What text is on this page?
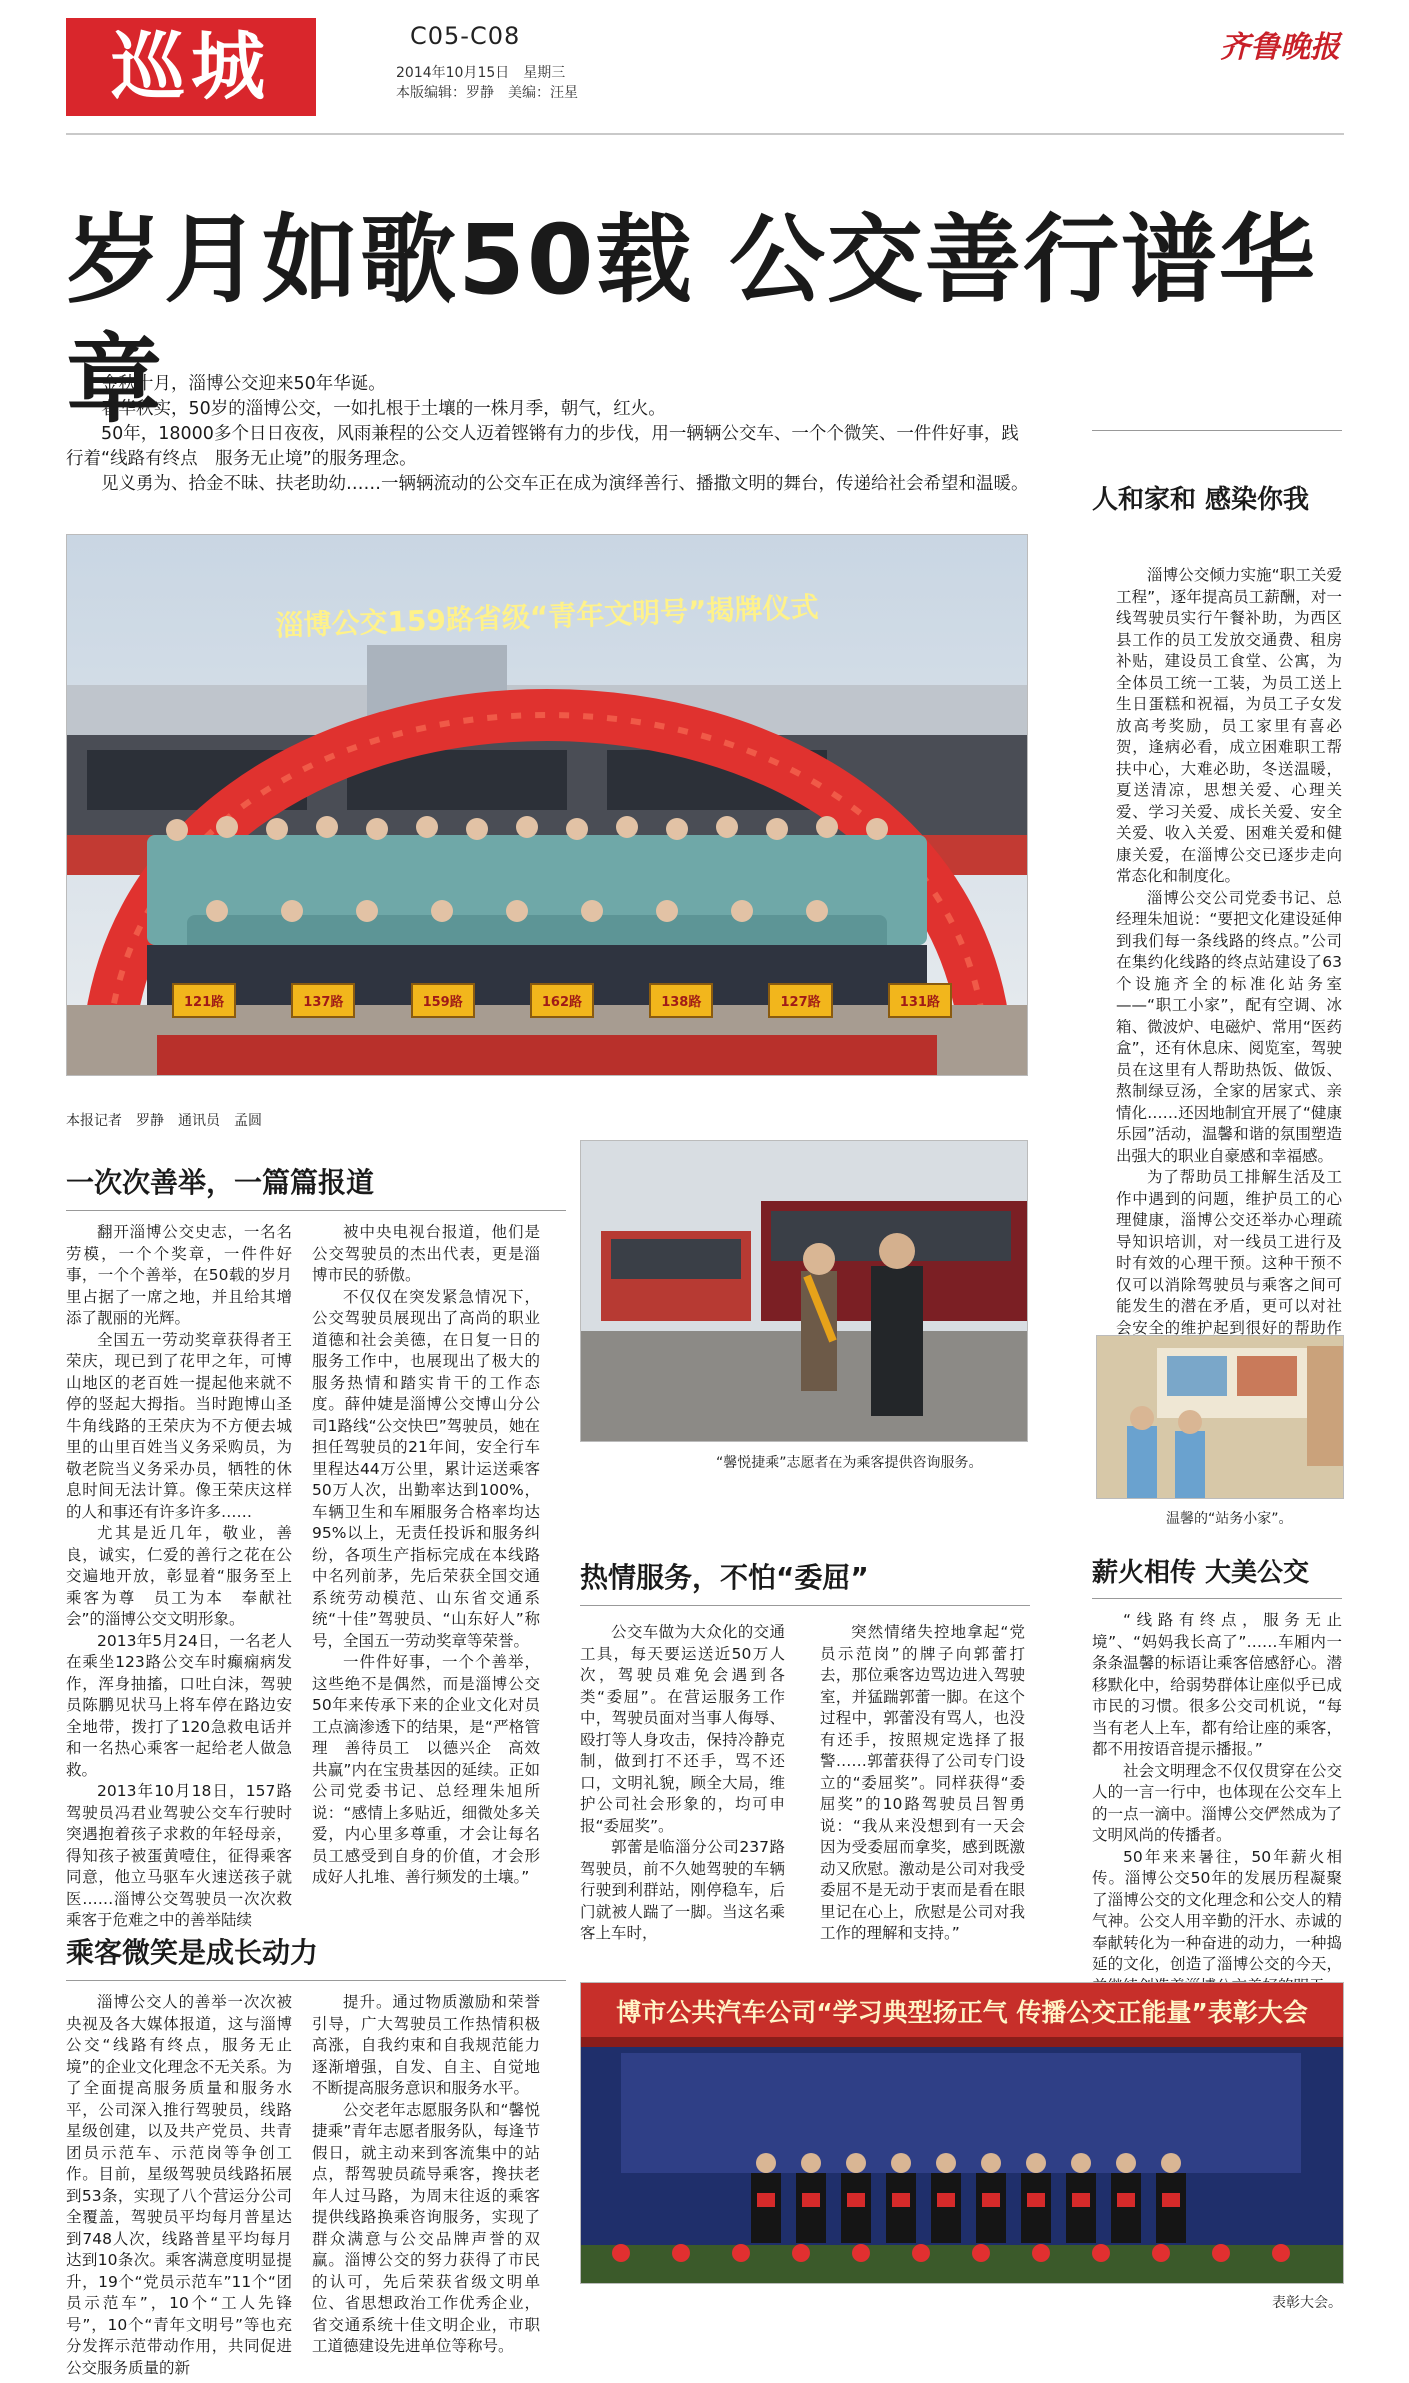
巡城	C05-C08
2014年10月15日　星期三
本版编辑：罗静　美编：汪星
齐鲁晚报
岁月如歌50载 公交善行谱华章

金秋十月，淄博公交迎来50年华诞。

春华秋实，50岁的淄博公交，一如扎根于土壤的一株月季，朝气，红火。

50年，18000多个日日夜夜，风雨兼程的公交人迈着铿锵有力的步伐，用一辆辆公交车、一个个微笑、一件件好事，践行着“线路有终点　服务无止境”的服务理念。

见义勇为、拾金不昧、扶老助幼……一辆辆流动的公交车正在成为演绎善行、播撒文明的舞台，传递给社会希望和温暖。

淄博公交159路省级“青年文明号”揭牌仪式
121路	137路	159路	162路	138路	127路	131路
本报记者　罗静　通讯员　孟圆
一次次善举，一篇篇报道

翻开淄博公交史志，一名名劳模，一个个奖章，一件件好事，一个个善举，在50载的岁月里占据了一席之地，并且给其增添了靓丽的光辉。

全国五一劳动奖章获得者王荣庆，现已到了花甲之年，可博山地区的老百姓一提起他来就不停的竖起大拇指。当时跑博山圣牛角线路的王荣庆为不方便去城里的山里百姓当义务采购员，为敬老院当义务采办员，牺牲的休息时间无法计算。像王荣庆这样的人和事还有许多许多……

尤其是近几年，敬业，善良，诚实，仁爱的善行之花在公交遍地开放，彰显着“服务至上　乘客为尊　员工为本　奉献社会”的淄博公交文明形象。

2013年5月24日，一名老人在乘坐123路公交车时癫痫病发作，浑身抽搐，口吐白沫，驾驶员陈鹏见状马上将车停在路边安全地带，拨打了120急救电话并和一名热心乘客一起给老人做急救。

2013年10月18日，157路驾驶员冯君业驾驶公交车行驶时突遇抱着孩子求救的年轻母亲，得知孩子被蛋黄噎住，征得乘客同意，他立马驱车火速送孩子就医……淄博公交驾驶员一次次救乘客于危难之中的善举陆续

被中央电视台报道，他们是公交驾驶员的杰出代表，更是淄博市民的骄傲。

不仅仅在突发紧急情况下，公交驾驶员展现出了高尚的职业道德和社会美德，在日复一日的服务工作中，也展现出了极大的服务热情和踏实肯干的工作态度。薛仲婕是淄博公交博山分公司1路线“公交快巴”驾驶员，她在担任驾驶员的21年间，安全行车里程达44万公里，累计运送乘客50万人次，出勤率达到100%，车辆卫生和车厢服务合格率均达95%以上，无责任投诉和服务纠纷，各项生产指标完成在本线路中名列前茅，先后荣获全国交通系统劳动模范、山东省交通系统“十佳”驾驶员、“山东好人”称号，全国五一劳动奖章等荣誉。

一件件好事，一个个善举，这些绝不是偶然，而是淄博公交50年来传承下来的企业文化对员工点滴渗透下的结果，是“严格管理　善待员工　以德兴企　高效共赢”内在宝贵基因的延续。正如公司党委书记、总经理朱旭所说：“感情上多贴近，细微处多关爱，内心里多尊重，才会让每名员工感受到自身的价值，才会形成好人扎堆、善行频发的土壤。”

乘客微笑是成长动力

淄博公交人的善举一次次被央视及各大媒体报道，这与淄博公交“线路有终点，服务无止境”的企业文化理念不无关系。为了全面提高服务质量和服务水平，公司深入推行驾驶员，线路星级创建，以及共产党员、共青团员示范车、示范岗等争创工作。目前，星级驾驶员线路拓展到53条，实现了八个营运分公司全覆盖，驾驶员平均每月普星达到748人次，线路普星平均每月达到10条次。乘客满意度明显提升，19个“党员示范车”11个“团员示范车”，10个“工人先锋号”，10个“青年文明号”等也充分发挥示范带动作用，共同促进公交服务质量的新

提升。通过物质激励和荣誉引导，广大驾驶员工作热情积极高涨，自我约束和自我规范能力逐渐增强，自发、自主、自觉地不断提高服务意识和服务水平。

公交老年志愿服务队和“馨悦捷乘”青年志愿者服务队，每逢节假日，就主动来到客流集中的站点，帮驾驶员疏导乘客，搀扶老年人过马路，为周末往返的乘客提供线路换乘咨询服务，实现了群众满意与公交品牌声誉的双赢。淄博公交的努力获得了市民的认可，先后荣获省级文明单位、省思想政治工作优秀企业，省交通系统十佳文明企业，市职工道德建设先进单位等称号。

“馨悦捷乘”志愿者在为乘客提供咨询服务。
热情服务，不怕“委屈”

公交车做为大众化的交通工具，每天要运送近50万人次，驾驶员难免会遇到各类“委屈”。在营运服务工作中，驾驶员面对当事人侮辱、殴打等人身攻击，保持冷静克制，做到打不还手，骂不还口，文明礼貌，顾全大局，维护公司社会形象的，均可申报“委屈奖”。

郭蕾是临淄分公司237路驾驶员，前不久她驾驶的车辆行驶到利群站，刚停稳车，后门就被人踹了一脚。当这名乘客上车时，

突然情绪失控地拿起“党员示范岗”的牌子向郭蕾打去，那位乘客边骂边进入驾驶室，并猛踹郭蕾一脚。在这个过程中，郭蕾没有骂人，也没有还手，按照规定选择了报警……郭蕾获得了公司专门设立的“委屈奖”。同样获得“委屈奖”的10路驾驶员吕智勇说：“我从来没想到有一天会因为受委屈而拿奖，感到既激动又欣慰。激动是公司对我受委屈不是无动于衷而是看在眼里记在心上，欣慰是公司对我工作的理解和支持。”

人和家和 感染你我

淄博公交倾力实施“职工关爱工程”，逐年提高员工薪酬，对一线驾驶员实行午餐补助，为西区县工作的员工发放交通费、租房补贴，建设员工食堂、公寓，为全体员工统一工装，为员工送上生日蛋糕和祝福，为员工子女发放高考奖励，员工家里有喜必贺，逢病必看，成立困难职工帮扶中心，大难必助，冬送温暖，夏送清凉，思想关爱、心理关爱、学习关爱、成长关爱、安全关爱、收入关爱、困难关爱和健康关爱，在淄博公交已逐步走向常态化和制度化。

淄博公交公司党委书记、总经理朱旭说：“要把文化建设延伸到我们每一条线路的终点。”公司在集约化线路的终点站建设了63个设施齐全的标准化站务室——“职工小家”，配有空调、冰箱、微波炉、电磁炉、常用“医药盒”，还有休息床、阅览室，驾驶员在这里有人帮助热饭、做饭、熬制绿豆汤，全家的居家式、亲情化……还因地制宜开展了“健康乐园”活动，温馨和谐的氛围塑造出强大的职业自豪感和幸福感。

为了帮助员工排解生活及工作中遇到的问题，维护员工的心理健康，淄博公交还举办心理疏导知识培训，对一线员工进行及时有效的心理干预。这种干预不仅可以消除驾驶员与乘客之间可能发生的潜在矛盾，更可以对社会安全的维护起到很好的帮助作

温馨的“站务小家”。
薪火相传 大美公交

“线路有终点，服务无止境”、“妈妈我长高了”……车厢内一条条温馨的标语让乘客倍感舒心。潜移默化中，给弱势群体让座似乎已成市民的习惯。很多公交司机说，“每当有老人上车，都有给让座的乘客，都不用按语音提示播报。”

社会文明理念不仅仅贯穿在公交人的一言一行中，也体现在公交车上的一点一滴中。淄博公交俨然成为了文明风尚的传播者。

50年来来暑往，50年薪火相传。淄博公交50年的发展历程凝聚了淄博公交的文化理念和公交人的精气神。公交人用辛勤的汗水、赤诚的奉献转化为一种奋进的动力，一种捣延的文化，创造了淄博公交的今天，

博市公共汽车公司“学习典型扬正气 传播公交正能量”表彰大会
表彰大会。
